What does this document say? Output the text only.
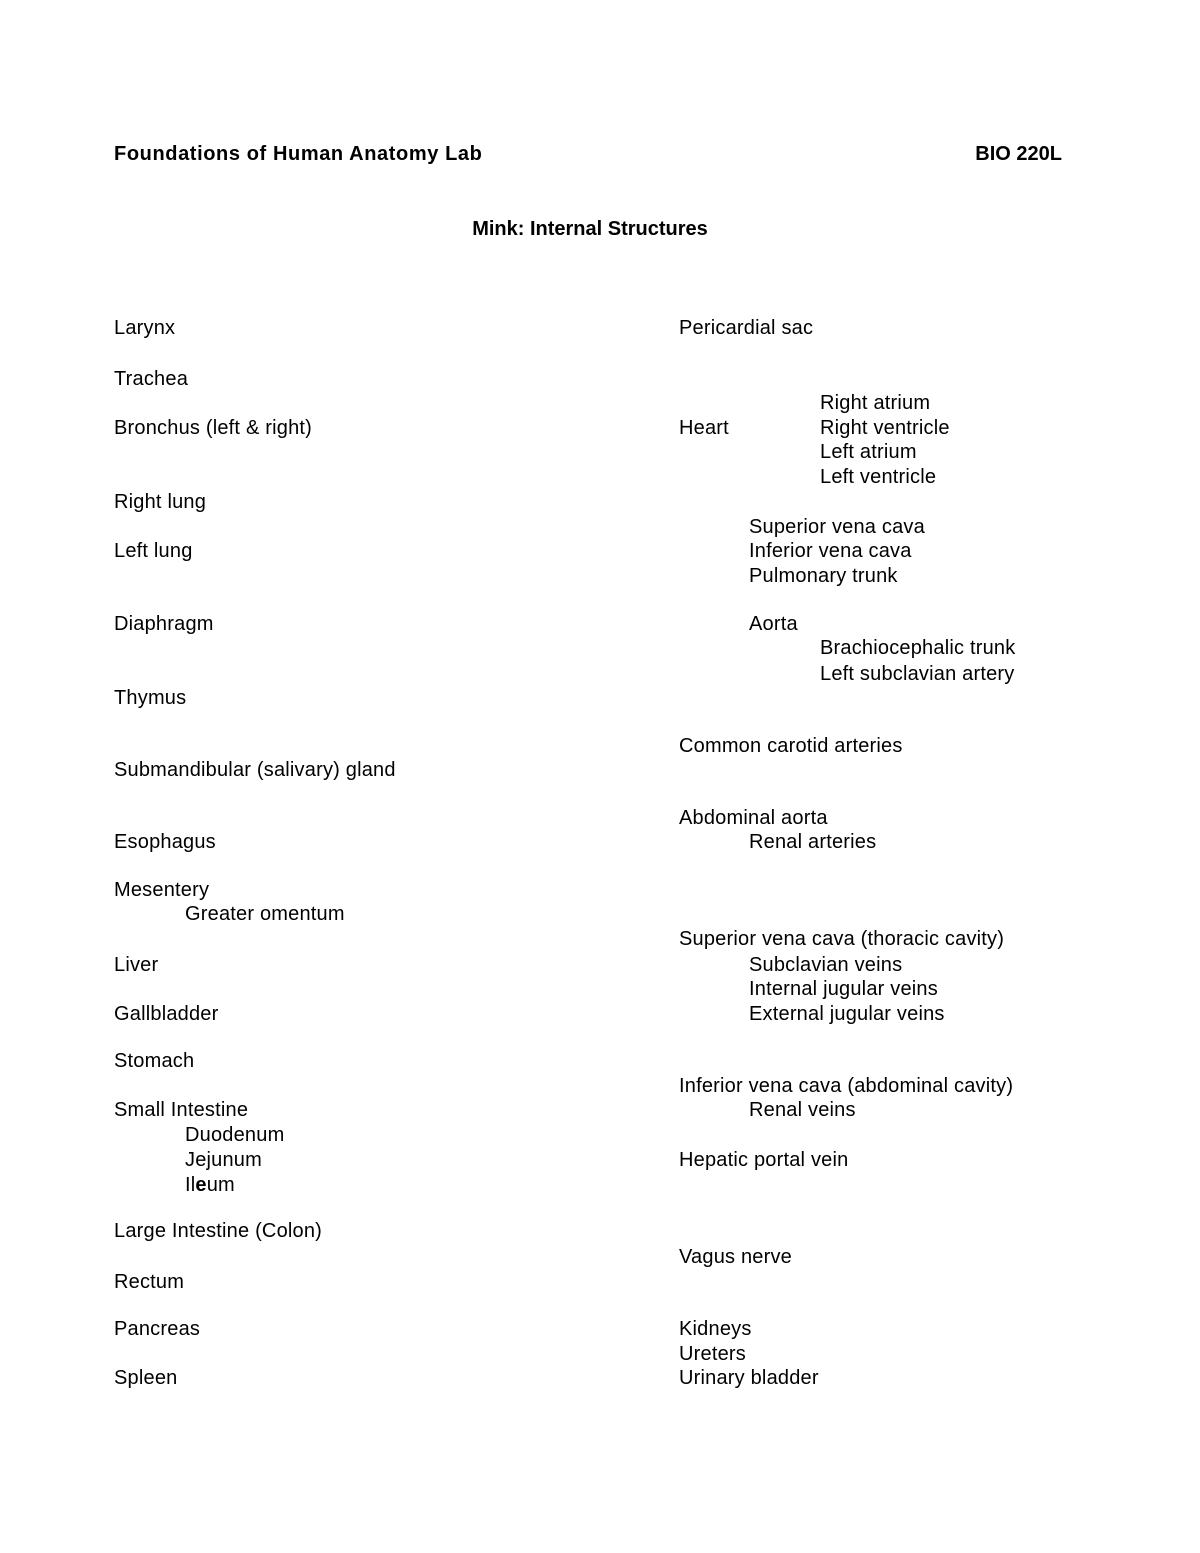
Foundations of Human Anatomy Lab	BIO 220L
Mink: Internal Structures
Larynx
Trachea
Bronchus (left & right)
Right lung
Left lung
Diaphragm
Thymus
Submandibular (salivary) gland
Esophagus
Mesentery
Greater omentum
Liver
Gallbladder
Stomach
Small Intestine
Duodenum
Jejunum
Ileum
Large Intestine (Colon)
Rectum
Pancreas
Spleen
Pericardial sac
Right atrium
Heart	Right ventricle
Left atrium
Left ventricle
Superior vena cava
Inferior vena cava
Pulmonary trunk
Aorta
Brachiocephalic trunk
Left subclavian artery
Common carotid arteries
Abdominal aorta
Renal arteries
Superior vena cava (thoracic cavity)
Subclavian veins
Internal jugular veins
External jugular veins
Inferior vena cava (abdominal cavity)
Renal veins
Hepatic portal vein
Vagus nerve
Kidneys
Ureters
Urinary bladder
